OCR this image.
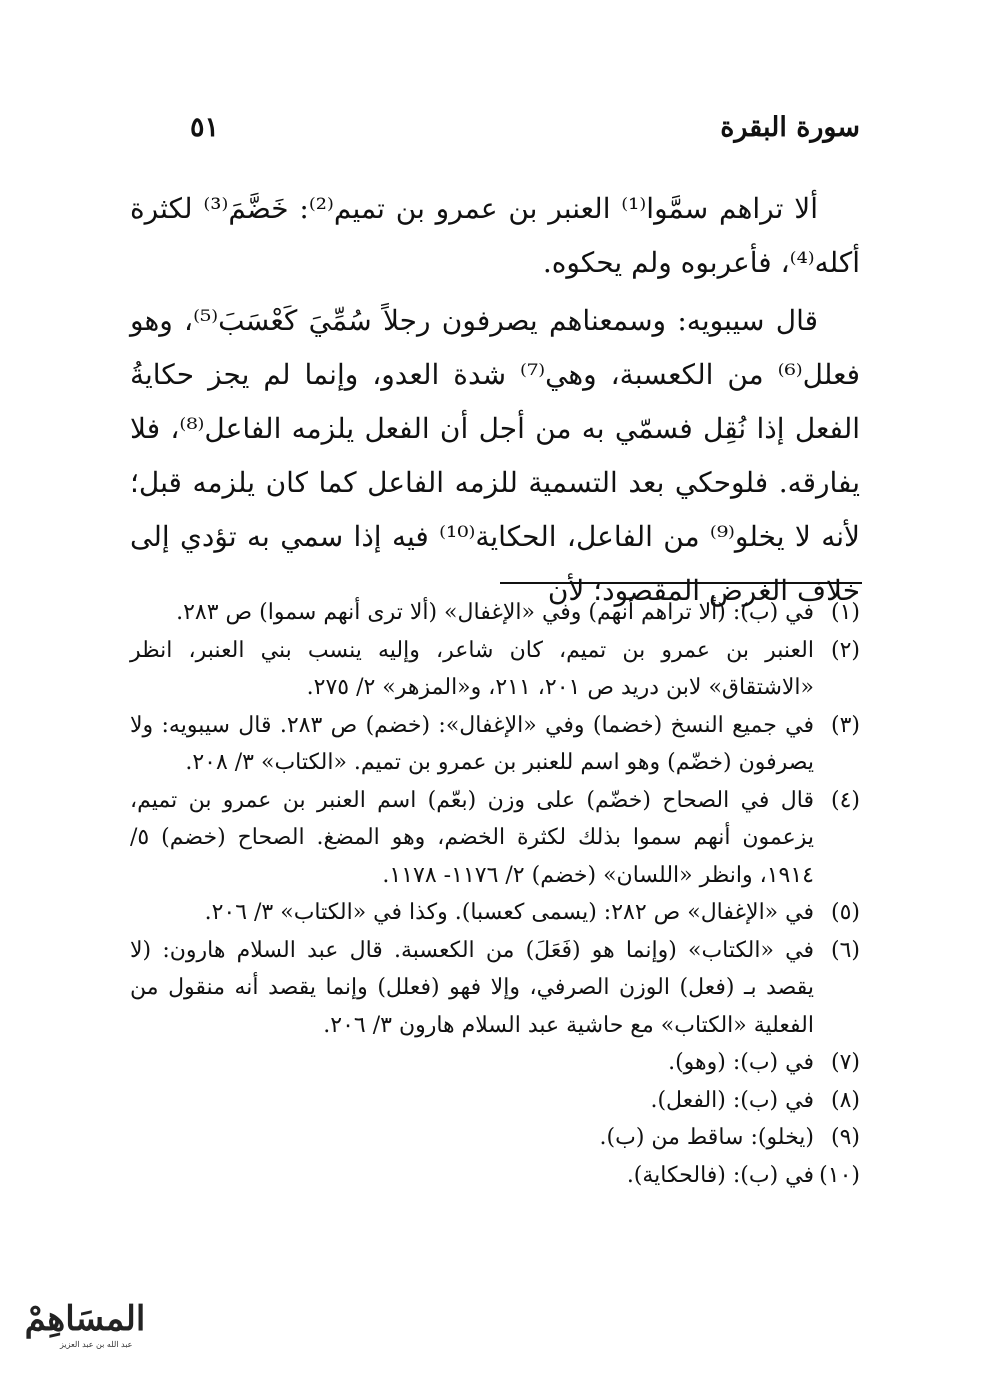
سورة البقرة
٥١

ألا تراهم سمَّوا⁽¹⁾ العنبر بن عمرو بن تميم⁽²⁾: خَضَّمَ⁽³⁾ لكثرة أكله⁽⁴⁾، فأعربوه ولم يحكوه.

قال سيبويه: وسمعناهم يصرفون رجلاً سُمِّيَ كَعْسَبَ⁽⁵⁾، وهو فعلل⁽⁶⁾ من الكعسبة، وهي⁽⁷⁾ شدة العدو، وإنما لم يجز حكايةُ الفعل إذا نُقِل فسمّي به من أجل أن الفعل يلزمه الفاعل⁽⁸⁾، فلا يفارقه. فلوحكي بعد التسمية للزمه الفاعل كما كان يلزمه قبل؛ لأنه لا يخلو⁽⁹⁾ من الفاعل، الحكاية⁽¹⁰⁾ فيه إذا سمي به تؤدي إلى خلاف الغرض المقصود؛ لأن

(١)
في (ب): (ألا تراهم أنهم) وفي «الإغفال» (ألا ترى أنهم سموا) ص ٢٨٣.
(٢)
العنبر بن عمرو بن تميم، كان شاعر، وإليه ينسب بني العنبر، انظر «الاشتقاق» لابن دريد ص ٢٠١، ٢١١، و«المزهر» ٢/ ٢٧٥.
(٣)
في جميع النسخ (خضما) وفي «الإغفال»: (خضم) ص ٢٨٣. قال سيبويه: ولا يصرفون (خضّم) وهو اسم للعنبر بن عمرو بن تميم. «الكتاب» ٣/ ٢٠٨.
(٤)
قال في الصحاح (خضّم) على وزن (بعّم) اسم العنبر بن عمرو بن تميم، يزعمون أنهم سموا بذلك لكثرة الخضم، وهو المضغ. الصحاح (خضم) ٥/ ١٩١٤، وانظر «اللسان» (خضم) ٢/ ١١٧٦- ١١٧٨.
(٥)
في «الإغفال» ص ٢٨٢: (يسمى كعسبا). وكذا في «الكتاب» ٣/ ٢٠٦.
(٦)
في «الكتاب» (وإنما هو (فَعَلَ) من الكعسبة. قال عبد السلام هارون: (لا يقصد بـ (فعل) الوزن الصرفي، وإلا فهو (فعلل) وإنما يقصد أنه منقول من الفعلية «الكتاب» مع حاشية عبد السلام هارون ٣/ ٢٠٦.
(٧)
في (ب): (وهو).
(٨)
في (ب): (الفعل).
(٩)
(يخلو): ساقط من (ب).
(١٠)
في (ب): (فالحكاية).
المسَاهِمْ
عبد الله بن عبد العزيز
